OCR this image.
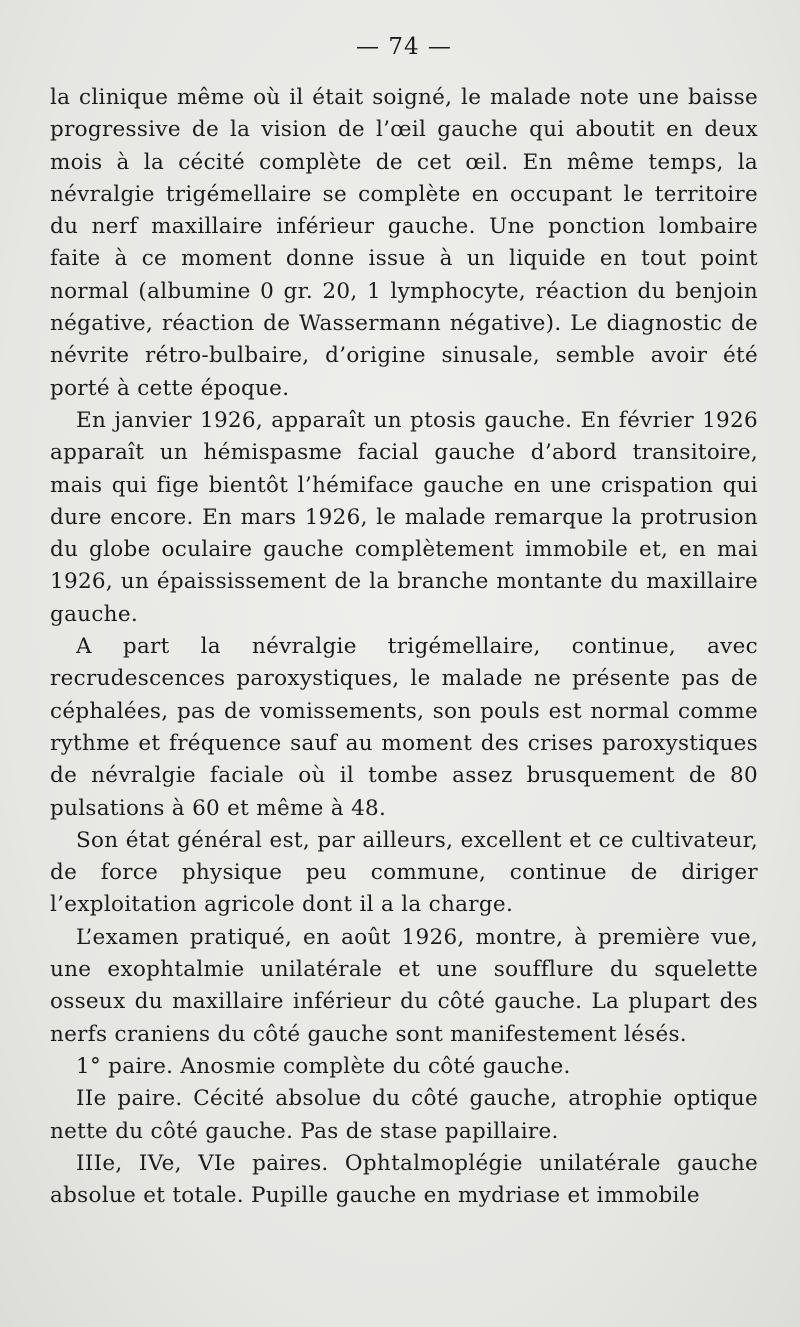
— 74 —

la clinique même où il était soigné, le malade note une baisse progressive de la vision de l’œil gauche qui aboutit en deux mois à la cécité complète de cet œil. En même temps, la névralgie trigémellaire se complète en occupant le territoire du nerf maxillaire inférieur gauche. Une ponction lombaire faite à ce moment donne issue à un liquide en tout point normal (albumine 0 gr. 20, 1 lymphocyte, réaction du benjoin négative, réaction de Wassermann négative). Le diagnostic de névrite rétro-bulbaire, d’origine sinusale, semble avoir été porté à cette époque.

En janvier 1926, apparaît un ptosis gauche. En février 1926 apparaît un hémispasme facial gauche d’abord transitoire, mais qui fige bientôt l’hémiface gauche en une crispation qui dure encore. En mars 1926, le malade remarque la protrusion du globe oculaire gauche complètement immobile et, en mai 1926, un épaississement de la branche montante du maxillaire gauche.

A part la névralgie trigémellaire, continue, avec recrudescences paroxystiques, le malade ne présente pas de céphalées, pas de vomissements, son pouls est normal comme rythme et fréquence sauf au moment des crises paroxystiques de névralgie faciale où il tombe assez brusquement de 80 pulsations à 60 et même à 48.

Son état général est, par ailleurs, excellent et ce cultivateur, de force physique peu commune, continue de diriger l’exploitation agricole dont il a la charge.

L’examen pratiqué, en août 1926, montre, à première vue, une exophtalmie unilatérale et une soufflure du squelette osseux du maxillaire inférieur du côté gauche. La plupart des nerfs craniens du côté gauche sont manifestement lésés.

1° paire. Anosmie complète du côté gauche.

IIe paire. Cécité absolue du côté gauche, atrophie optique nette du côté gauche. Pas de stase papillaire.

IIIe, IVe, VIe paires. Ophtalmoplégie unilatérale gauche absolue et totale. Pupille gauche en mydriase et immobile
